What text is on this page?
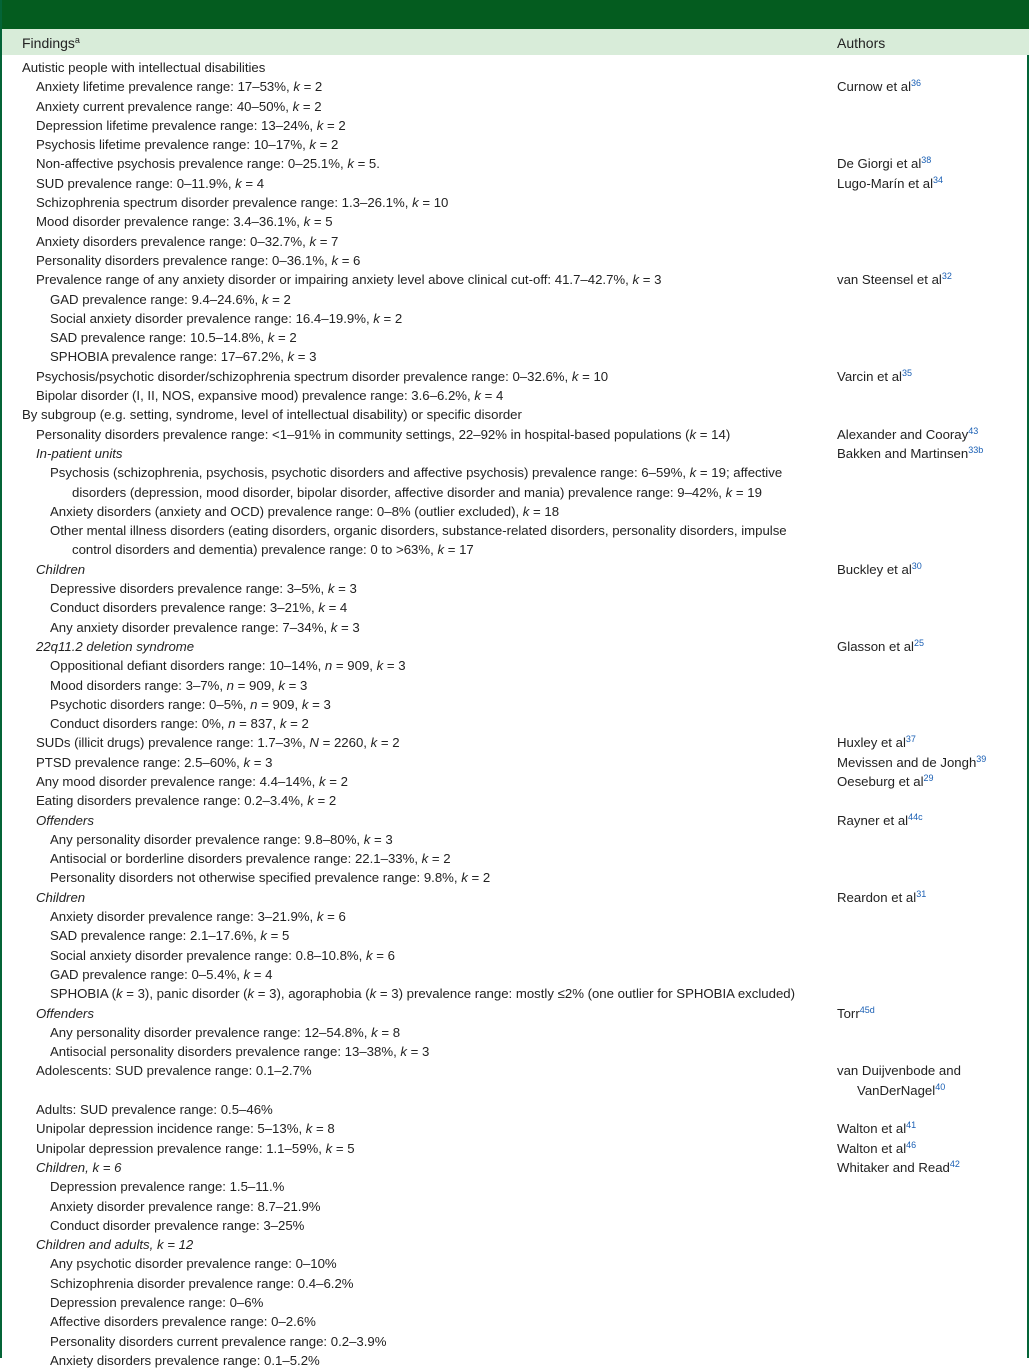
Findings$^a$	Authors
Autistic people with intellectual disabilities
Anxiety lifetime prevalence range: 17–53%, k = 2	Curnow et al$^{36}$
Anxiety current prevalence range: 40–50%, k = 2
Depression lifetime prevalence range: 13–24%, k = 2
Psychosis lifetime prevalence range: 10–17%, k = 2
Non-affective psychosis prevalence range: 0–25.1%, k = 5.	De Giorgi et al$^{38}$
SUD prevalence range: 0–11.9%, k = 4	Lugo-Marín et al$^{34}$
Schizophrenia spectrum disorder prevalence range: 1.3–26.1%, k = 10
Mood disorder prevalence range: 3.4–36.1%, k = 5
Anxiety disorders prevalence range: 0–32.7%, k = 7
Personality disorders prevalence range: 0–36.1%, k = 6
Prevalence range of any anxiety disorder or impairing anxiety level above clinical cut-off: 41.7–42.7%, k = 3	van Steensel et al$^{32}$
GAD prevalence range: 9.4–24.6%, k = 2
Social anxiety disorder prevalence range: 16.4–19.9%, k = 2
SAD prevalence range: 10.5–14.8%, k = 2
SPHOBIA prevalence range: 17–67.2%, k = 3
Psychosis/psychotic disorder/schizophrenia spectrum disorder prevalence range: 0–32.6%, k = 10	Varcin et al$^{35}$
Bipolar disorder (I, II, NOS, expansive mood) prevalence range: 3.6–6.2%, k = 4
By subgroup (e.g. setting, syndrome, level of intellectual disability) or specific disorder
Personality disorders prevalence range: <1–91% in community settings, 22–92% in hospital-based populations (k = 14)	Alexander and Cooray$^{43}$
In-patient units	Bakken and Martinsen$^{33b}$
Psychosis (schizophrenia, psychosis, psychotic disorders and affective psychosis) prevalence range: 6–59%, k = 19; affective
disorders (depression, mood disorder, bipolar disorder, affective disorder and mania) prevalence range: 9–42%, k = 19
Anxiety disorders (anxiety and OCD) prevalence range: 0–8% (outlier excluded), k = 18
Other mental illness disorders (eating disorders, organic disorders, substance-related disorders, personality disorders, impulse
control disorders and dementia) prevalence range: 0 to >63%, k = 17
Children	Buckley et al$^{30}$
Depressive disorders prevalence range: 3–5%, k = 3
Conduct disorders prevalence range: 3–21%, k = 4
Any anxiety disorder prevalence range: 7–34%, k = 3
22q11.2 deletion syndrome	Glasson et al$^{25}$
Oppositional defiant disorders range: 10–14%, n = 909, k = 3
Mood disorders range: 3–7%, n = 909, k = 3
Psychotic disorders range: 0–5%, n = 909, k = 3
Conduct disorders range: 0%, n = 837, k = 2
SUDs (illicit drugs) prevalence range: 1.7–3%, N = 2260, k = 2	Huxley et al$^{37}$
PTSD prevalence range: 2.5–60%, k = 3	Mevissen and de Jongh$^{39}$
Any mood disorder prevalence range: 4.4–14%, k = 2	Oeseburg et al$^{29}$
Eating disorders prevalence range: 0.2–3.4%, k = 2
Offenders	Rayner et al$^{44c}$
Any personality disorder prevalence range: 9.8–80%, k = 3
Antisocial or borderline disorders prevalence range: 22.1–33%, k = 2
Personality disorders not otherwise specified prevalence range: 9.8%, k = 2
Children	Reardon et al$^{31}$
Anxiety disorder prevalence range: 3–21.9%, k = 6
SAD prevalence range: 2.1–17.6%, k = 5
Social anxiety disorder prevalence range: 0.8–10.8%, k = 6
GAD prevalence range: 0–5.4%, k = 4
SPHOBIA (k = 3), panic disorder (k = 3), agoraphobia (k = 3) prevalence range: mostly ≤2% (one outlier for SPHOBIA excluded)
Offenders	Torr$^{45d}$
Any personality disorder prevalence range: 12–54.8%, k = 8
Antisocial personality disorders prevalence range: 13–38%, k = 3
Adolescents: SUD prevalence range: 0.1–2.7%	van Duijvenbode and
VanDerNagel$^{40}$
Adults: SUD prevalence range: 0.5–46%
Unipolar depression incidence range: 5–13%, k = 8	Walton et al$^{41}$
Unipolar depression prevalence range: 1.1–59%, k = 5	Walton et al$^{46}$
Children, k = 6	Whitaker and Read$^{42}$
Depression prevalence range: 1.5–11.%
Anxiety disorder prevalence range: 8.7–21.9%
Conduct disorder prevalence range: 3–25%
Children and adults, k = 12
Any psychotic disorder prevalence range: 0–10%
Schizophrenia disorder prevalence range: 0.4–6.2%
Depression prevalence range: 0–6%
Affective disorders prevalence range: 0–2.6%
Personality disorders current prevalence range: 0.2–3.9%
Anxiety disorders prevalence range: 0.1–5.2%
